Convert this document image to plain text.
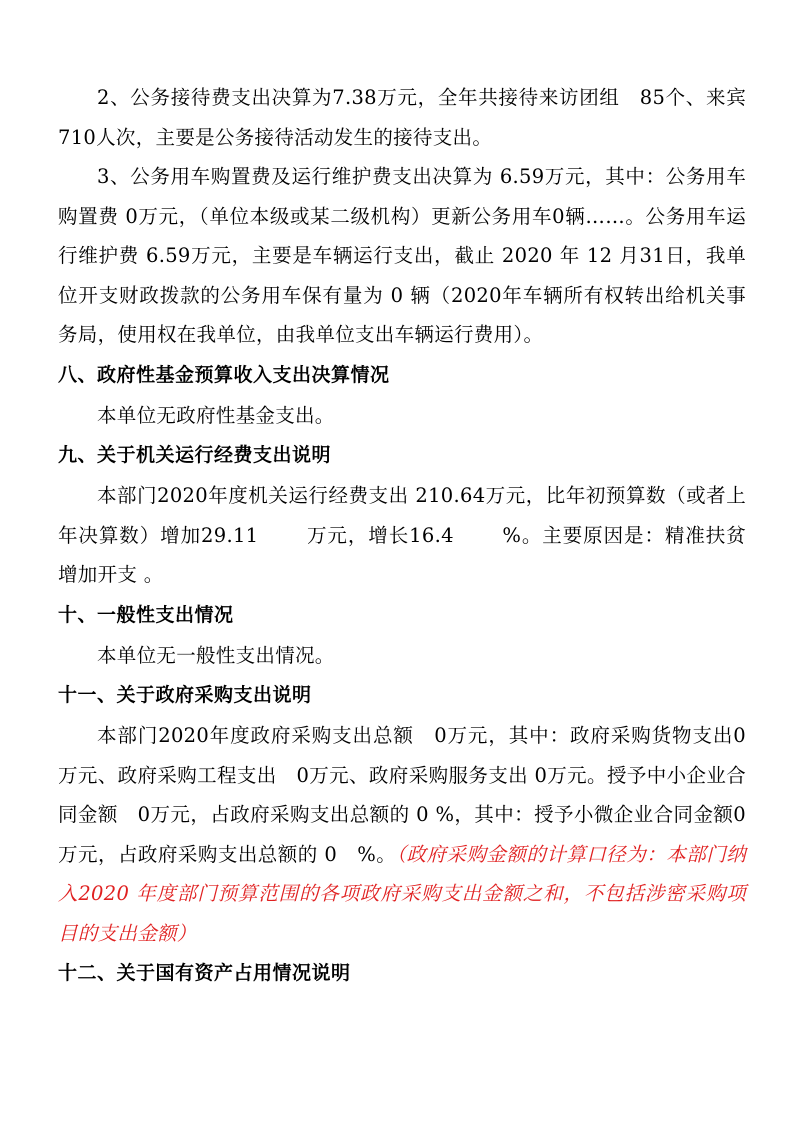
2、公务接待费支出决算为7.38万元，全年共接待来访团组　85个、来宾 710人次，主要是公务接待活动发生的接待支出。

3、公务用车购置费及运行维护费支出决算为 6.59万元，其中：公务用车购置费 0万元，（单位本级或某二级机构）更新公务用车0辆……。公务用车运行维护费 6.59万元，主要是车辆运行支出，截止 2020 年 12 月31日，我单位开支财政拨款的公务用车保有量为 0 辆（2020年车辆所有权转出给机关事务局，使用权在我单位，由我单位支出车辆运行费用）。

八、政府性基金预算收入支出决算情况

本单位无政府性基金支出。

九、关于机关运行经费支出说明

本部门2020年度机关运行经费支出 210.64万元，比年初预算数（或者上年决算数）增加29.11　　 万元，增长16.4　　 %。主要原因是：精准扶贫增加开支 。

十、一般性支出情况

本单位无一般性支出情况。

十一、关于政府采购支出说明

本部门2020年度政府采购支出总额　0万元，其中：政府采购货物支出0万元、政府采购工程支出　0万元、政府采购服务支出 0万元。授予中小企业合同金额　0万元，占政府采购支出总额的 0 %，其中：授予小微企业合同金额0万元，占政府采购支出总额的 0　%。（政府采购金额的计算口径为：本部门纳入2020 年度部门预算范围的各项政府采购支出金额之和，不包括涉密采购项目的支出金额）

十二、关于国有资产占用情况说明
